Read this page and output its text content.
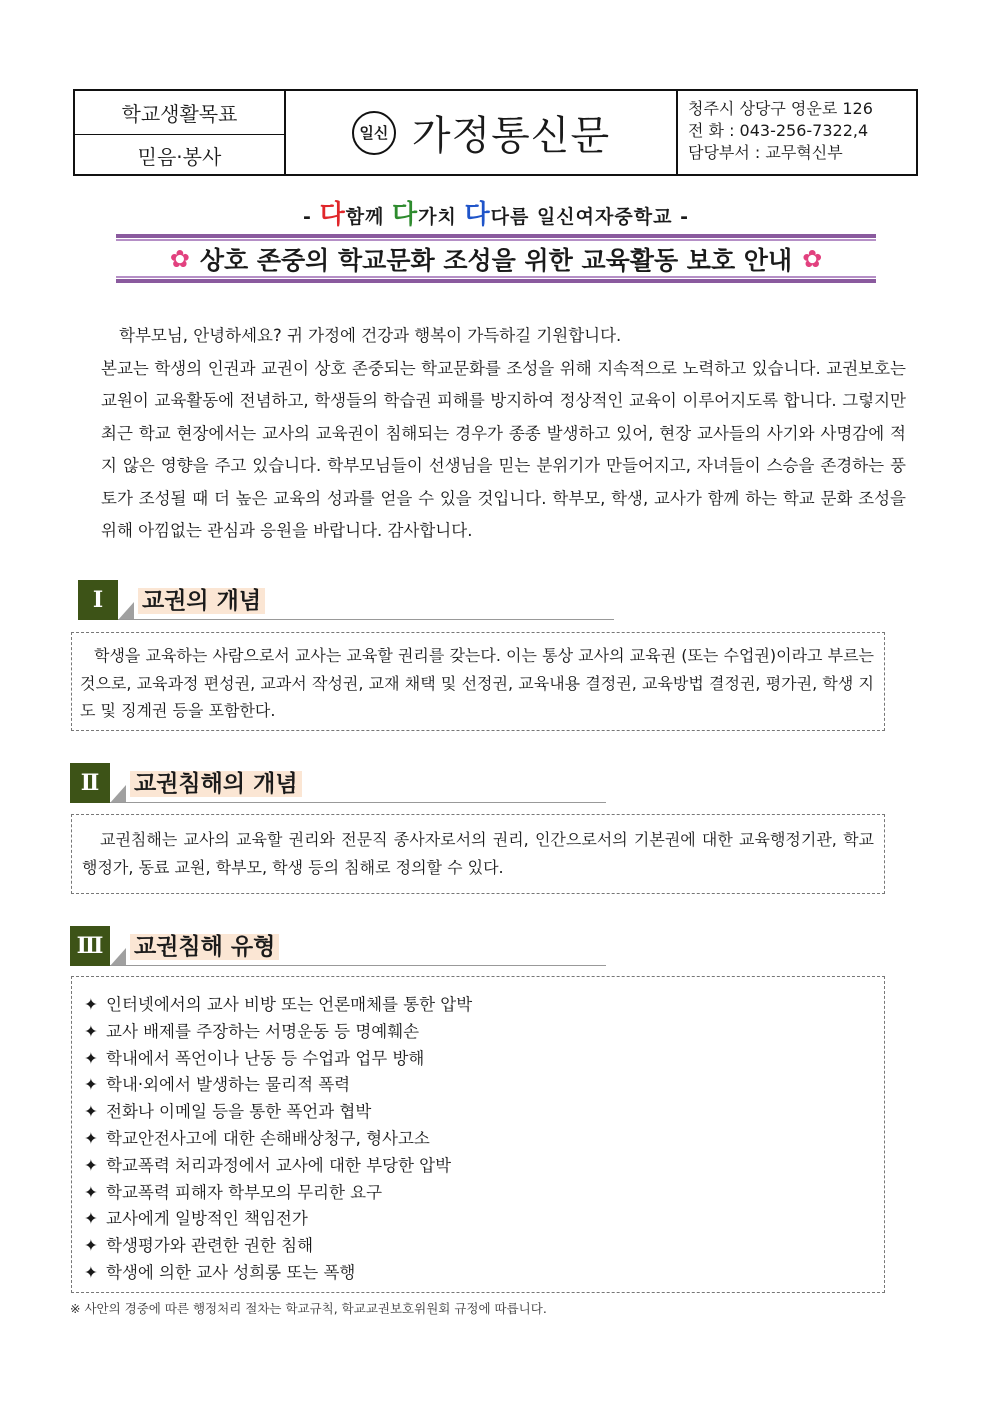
학교생활목표
믿음·봉사
일신 가정통신문
청주시 상당구 영운로 126
전 화 : 043-256-7322,4
담당부서 : 교무혁신부
- 다함께 다가치 다다름 일신여자중학교 -
✿ 상호 존중의 학교문화 조성을 위한 교육활동 보호 안내 ✿
학부모님, 안녕하세요? 귀 가정에 건강과 행복이 가득하길 기원합니다.
본교는 학생의 인권과 교권이 상호 존중되는 학교문화를 조성을 위해 지속적으로 노력하고 있습니다. 교권보호는 교원이 교육활동에 전념하고, 학생들의 학습권 피해를 방지하여 정상적인 교육이 이루어지도록 합니다. 그렇지만 최근 학교 현장에서는 교사의 교육권이 침해되는 경우가 종종 발생하고 있어, 현장 교사들의 사기와 사명감에 적지 않은 영향을 주고 있습니다. 학부모님들이 선생님을 믿는 분위기가 만들어지고, 자녀들이 스승을 존경하는 풍토가 조성될 때 더 높은 교육의 성과를 얻을 수 있을 것입니다. 학부모, 학생, 교사가 함께 하는 학교 문화 조성을 위해 아낌없는 관심과 응원을 바랍니다. 감사합니다.
Ⅰ	교권의 개념
학생을 교육하는 사람으로서 교사는 교육할 권리를 갖는다. 이는 통상 교사의 교육권 (또는 수업권)이라고 부르는 것으로, 교육과정 편성권, 교과서 작성권, 교재 채택 및 선정권, 교육내용 결정권, 교육방법 결정권, 평가권, 학생 지도 및 징계권 등을 포함한다.
Ⅱ	교권침해의 개념
교권침해는 교사의 교육할 권리와 전문직 종사자로서의 권리, 인간으로서의 기본권에 대한 교육행정기관, 학교 행정가, 동료 교원, 학부모, 학생 등의 침해로 정의할 수 있다.
Ⅲ 교권침해 유형
✦ 인터넷에서의 교사 비방 또는 언론매체를 통한 압박
✦ 교사 배제를 주장하는 서명운동 등 명예훼손
✦ 학내에서 폭언이나 난동 등 수업과 업무 방해
✦ 학내·외에서 발생하는 물리적 폭력
✦ 전화나 이메일 등을 통한 폭언과 협박
✦ 학교안전사고에 대한 손해배상청구, 형사고소
✦ 학교폭력 처리과정에서 교사에 대한 부당한 압박
✦ 학교폭력 피해자 학부모의 무리한 요구
✦ 교사에게 일방적인 책임전가
✦ 학생평가와 관련한 권한 침해
✦ 학생에 의한 교사 성희롱 또는 폭행
※ 사안의 경중에 따른 행정처리 절차는 학교규칙, 학교교권보호위원회 규정에 따릅니다.
